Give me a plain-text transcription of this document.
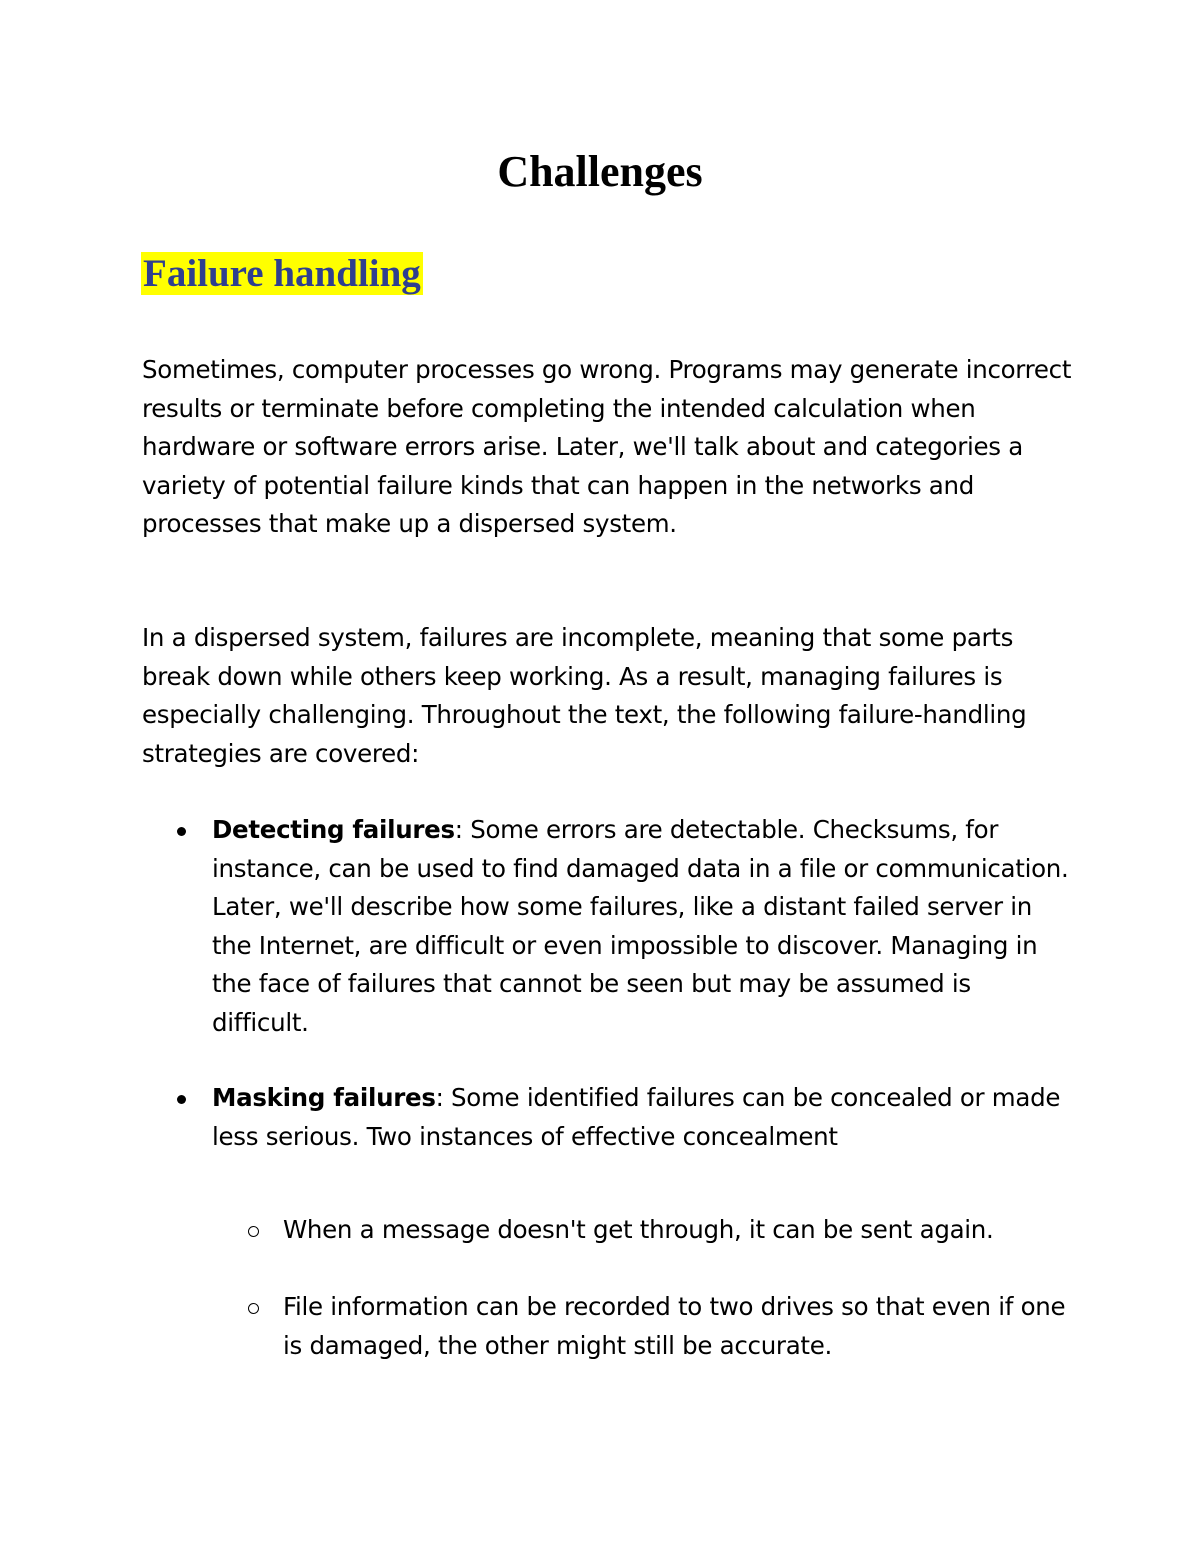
Challenges
Failure handling

Sometimes, computer processes go wrong. Programs may generate incorrect results or terminate before completing the intended calculation when hardware or software errors arise. Later, we'll talk about and categories a variety of potential failure kinds that can happen in the networks and processes that make up a dispersed system.

In a dispersed system, failures are incomplete, meaning that some parts break down while others keep working. As a result, managing failures is especially challenging. Throughout the text, the following failure-handling strategies are covered:

Detecting failures: Some errors are detectable. Checksums, for instance, can be used to find damaged data in a file or communication. Later, we'll describe how some failures, like a distant failed server in the Internet, are difficult or even impossible to discover. Managing in the face of failures that cannot be seen but may be assumed is difficult.
Masking failures: Some identified failures can be concealed or made less serious. Two instances of effective concealment
When a message doesn't get through, it can be sent again.
File information can be recorded to two drives so that even if one is damaged, the other might still be accurate.
